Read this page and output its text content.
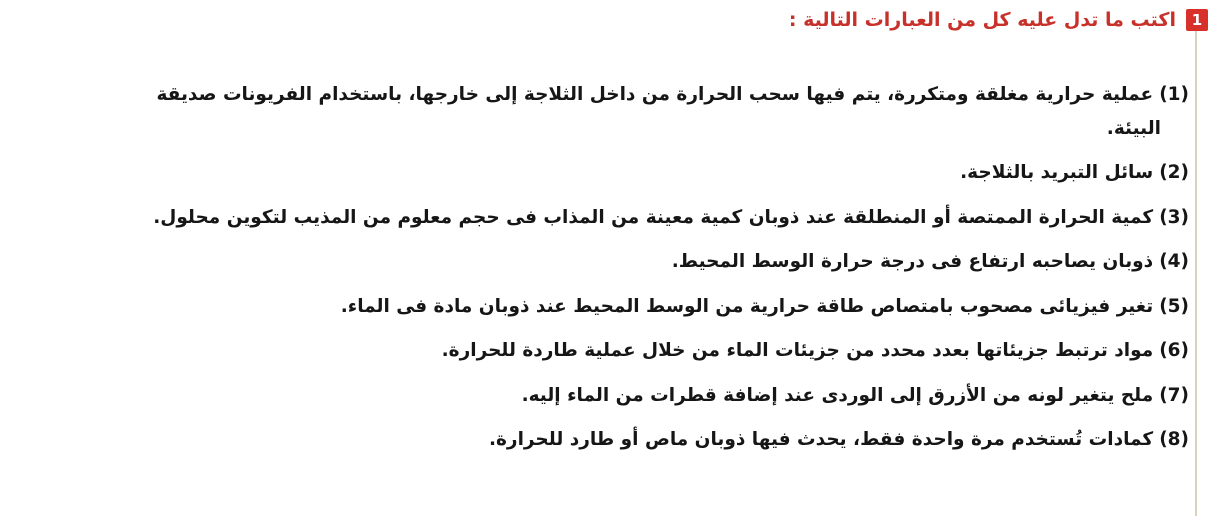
1
اكتب ما تدل عليه كل من العبارات التالية :
(1)عملية حرارية مغلقة ومتكررة، يتم فيها سحب الحرارة من داخل الثلاجة إلى خارجها، باستخدام الفريونات صديقة
البيئة.
(2)سائل التبريد بالثلاجة.
(3)كمية الحرارة الممتصة أو المنطلقة عند ذوبان كمية معينة من المذاب فى حجم معلوم من المذيب لتكوين محلول.
(4)ذوبان يصاحبه ارتفاع فى درجة حرارة الوسط المحيط.
(5)تغير فيزيائى مصحوب بامتصاص طاقة حرارية من الوسط المحيط عند ذوبان مادة فى الماء.
(6)مواد ترتبط جزيئاتها بعدد محدد من جزيئات الماء من خلال عملية طاردة للحرارة.
(7)ملح يتغير لونه من الأزرق إلى الوردى عند إضافة قطرات من الماء إليه.
(8)كمادات تُستخدم مرة واحدة فقط، يحدث فيها ذوبان ماص أو طارد للحرارة.
